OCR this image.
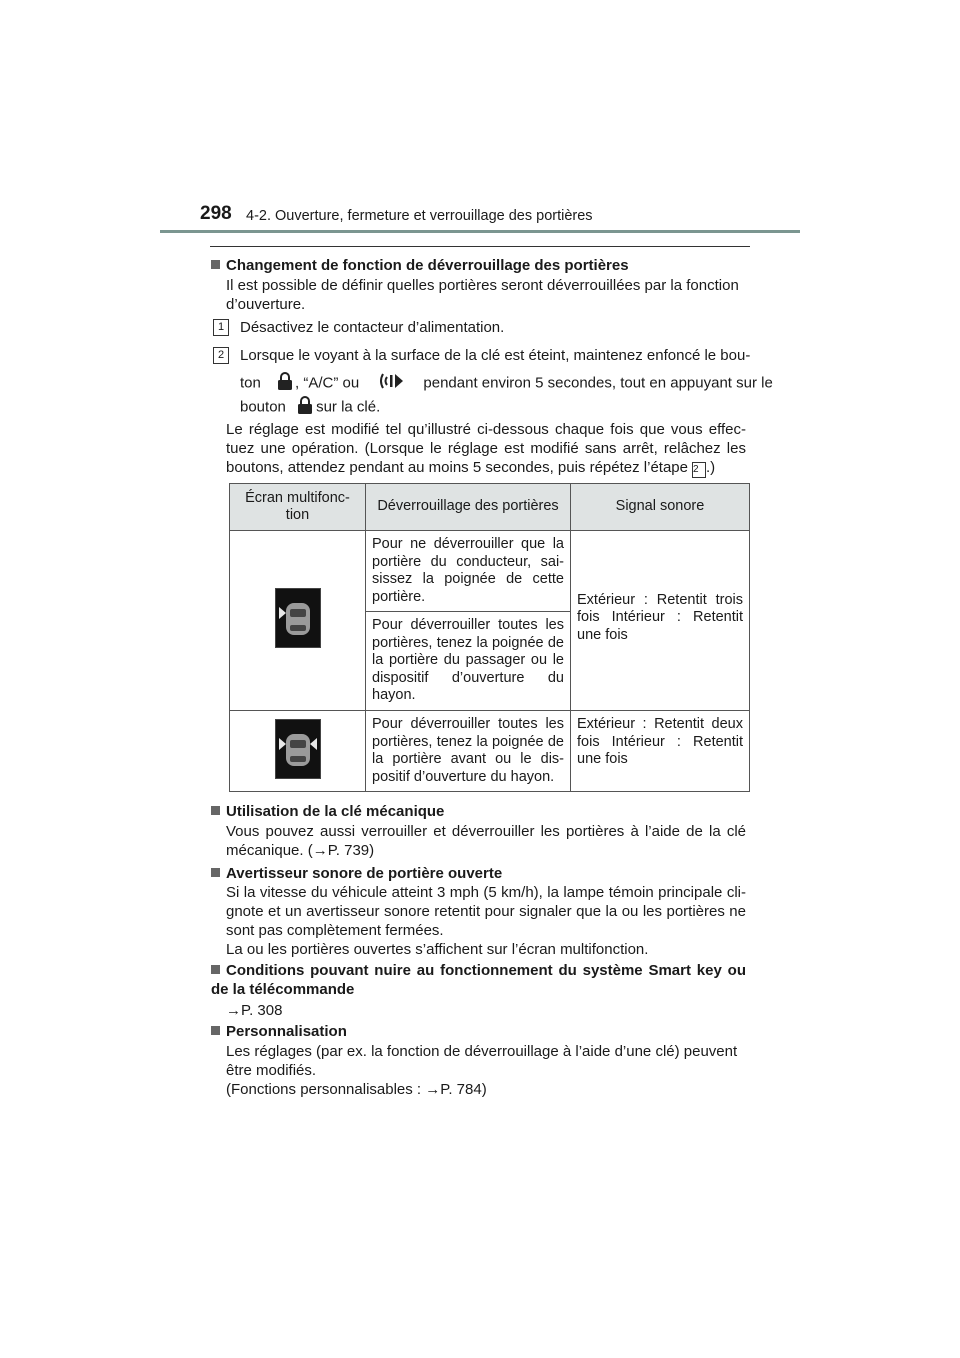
298 4-2. Ouverture, fermeture et verrouillage des portières
Changement de fonction de déverrouillage des portières
Il est possible de définir quelles portières seront déverrouillées par la fonction d’ouverture.
1	Désactivez le contacteur d’alimentation.
2	Lorsque le voyant à la surface de la clé est éteint, maintenez enfoncé le bou-
ton , “A/C” ou	pendant environ 5 secondes, tout en appuyant sur le
bouton sur la clé.
Le réglage est modifié tel qu’illustré ci-dessous chaque fois que vous effec- tuez une opération. (Lorsque le réglage est modifié sans arrêt, relâchez les boutons, attendez pendant au moins 5 secondes, puis répétez l’étape 2 .)
Écran multifonc- tion	Déverrouillage des portières	Signal sonore
	Pour ne déverrouiller que la portière du conducteur, sai- sissez la poignée de cette portière.	Extérieur : Retentit trois fois Intérieur : Retentit une fois
	Pour déverrouiller toutes les portières, tenez la poignée de la portière du passager ou le dispositif d’ouverture du hayon.	
	Pour déverrouiller toutes les portières, tenez la poignée de la portière avant ou le dis- positif d’ouverture du hayon.	Extérieur : Retentit deux fois Intérieur : Retentit une fois
Utilisation de la clé mécanique
Vous pouvez aussi verrouiller et déverrouiller les portières à l’aide de la clé mécanique. (→P. 739)
Avertisseur sonore de portière ouverte
Si la vitesse du véhicule atteint 3 mph (5 km/h), la lampe témoin principale cli- gnote et un avertisseur sonore retentit pour signaler que la ou les portières ne sont pas complètement fermées.
La ou les portières ouvertes s’affichent sur l’écran multifonction.
Conditions pouvant nuire au fonctionnement du système Smart key ou de la télécommande
→P. 308
Personnalisation
Les réglages (par ex. la fonction de déverrouillage à l’aide d’une clé) peuvent être modifiés.
(Fonctions personnalisables : →P. 784)
